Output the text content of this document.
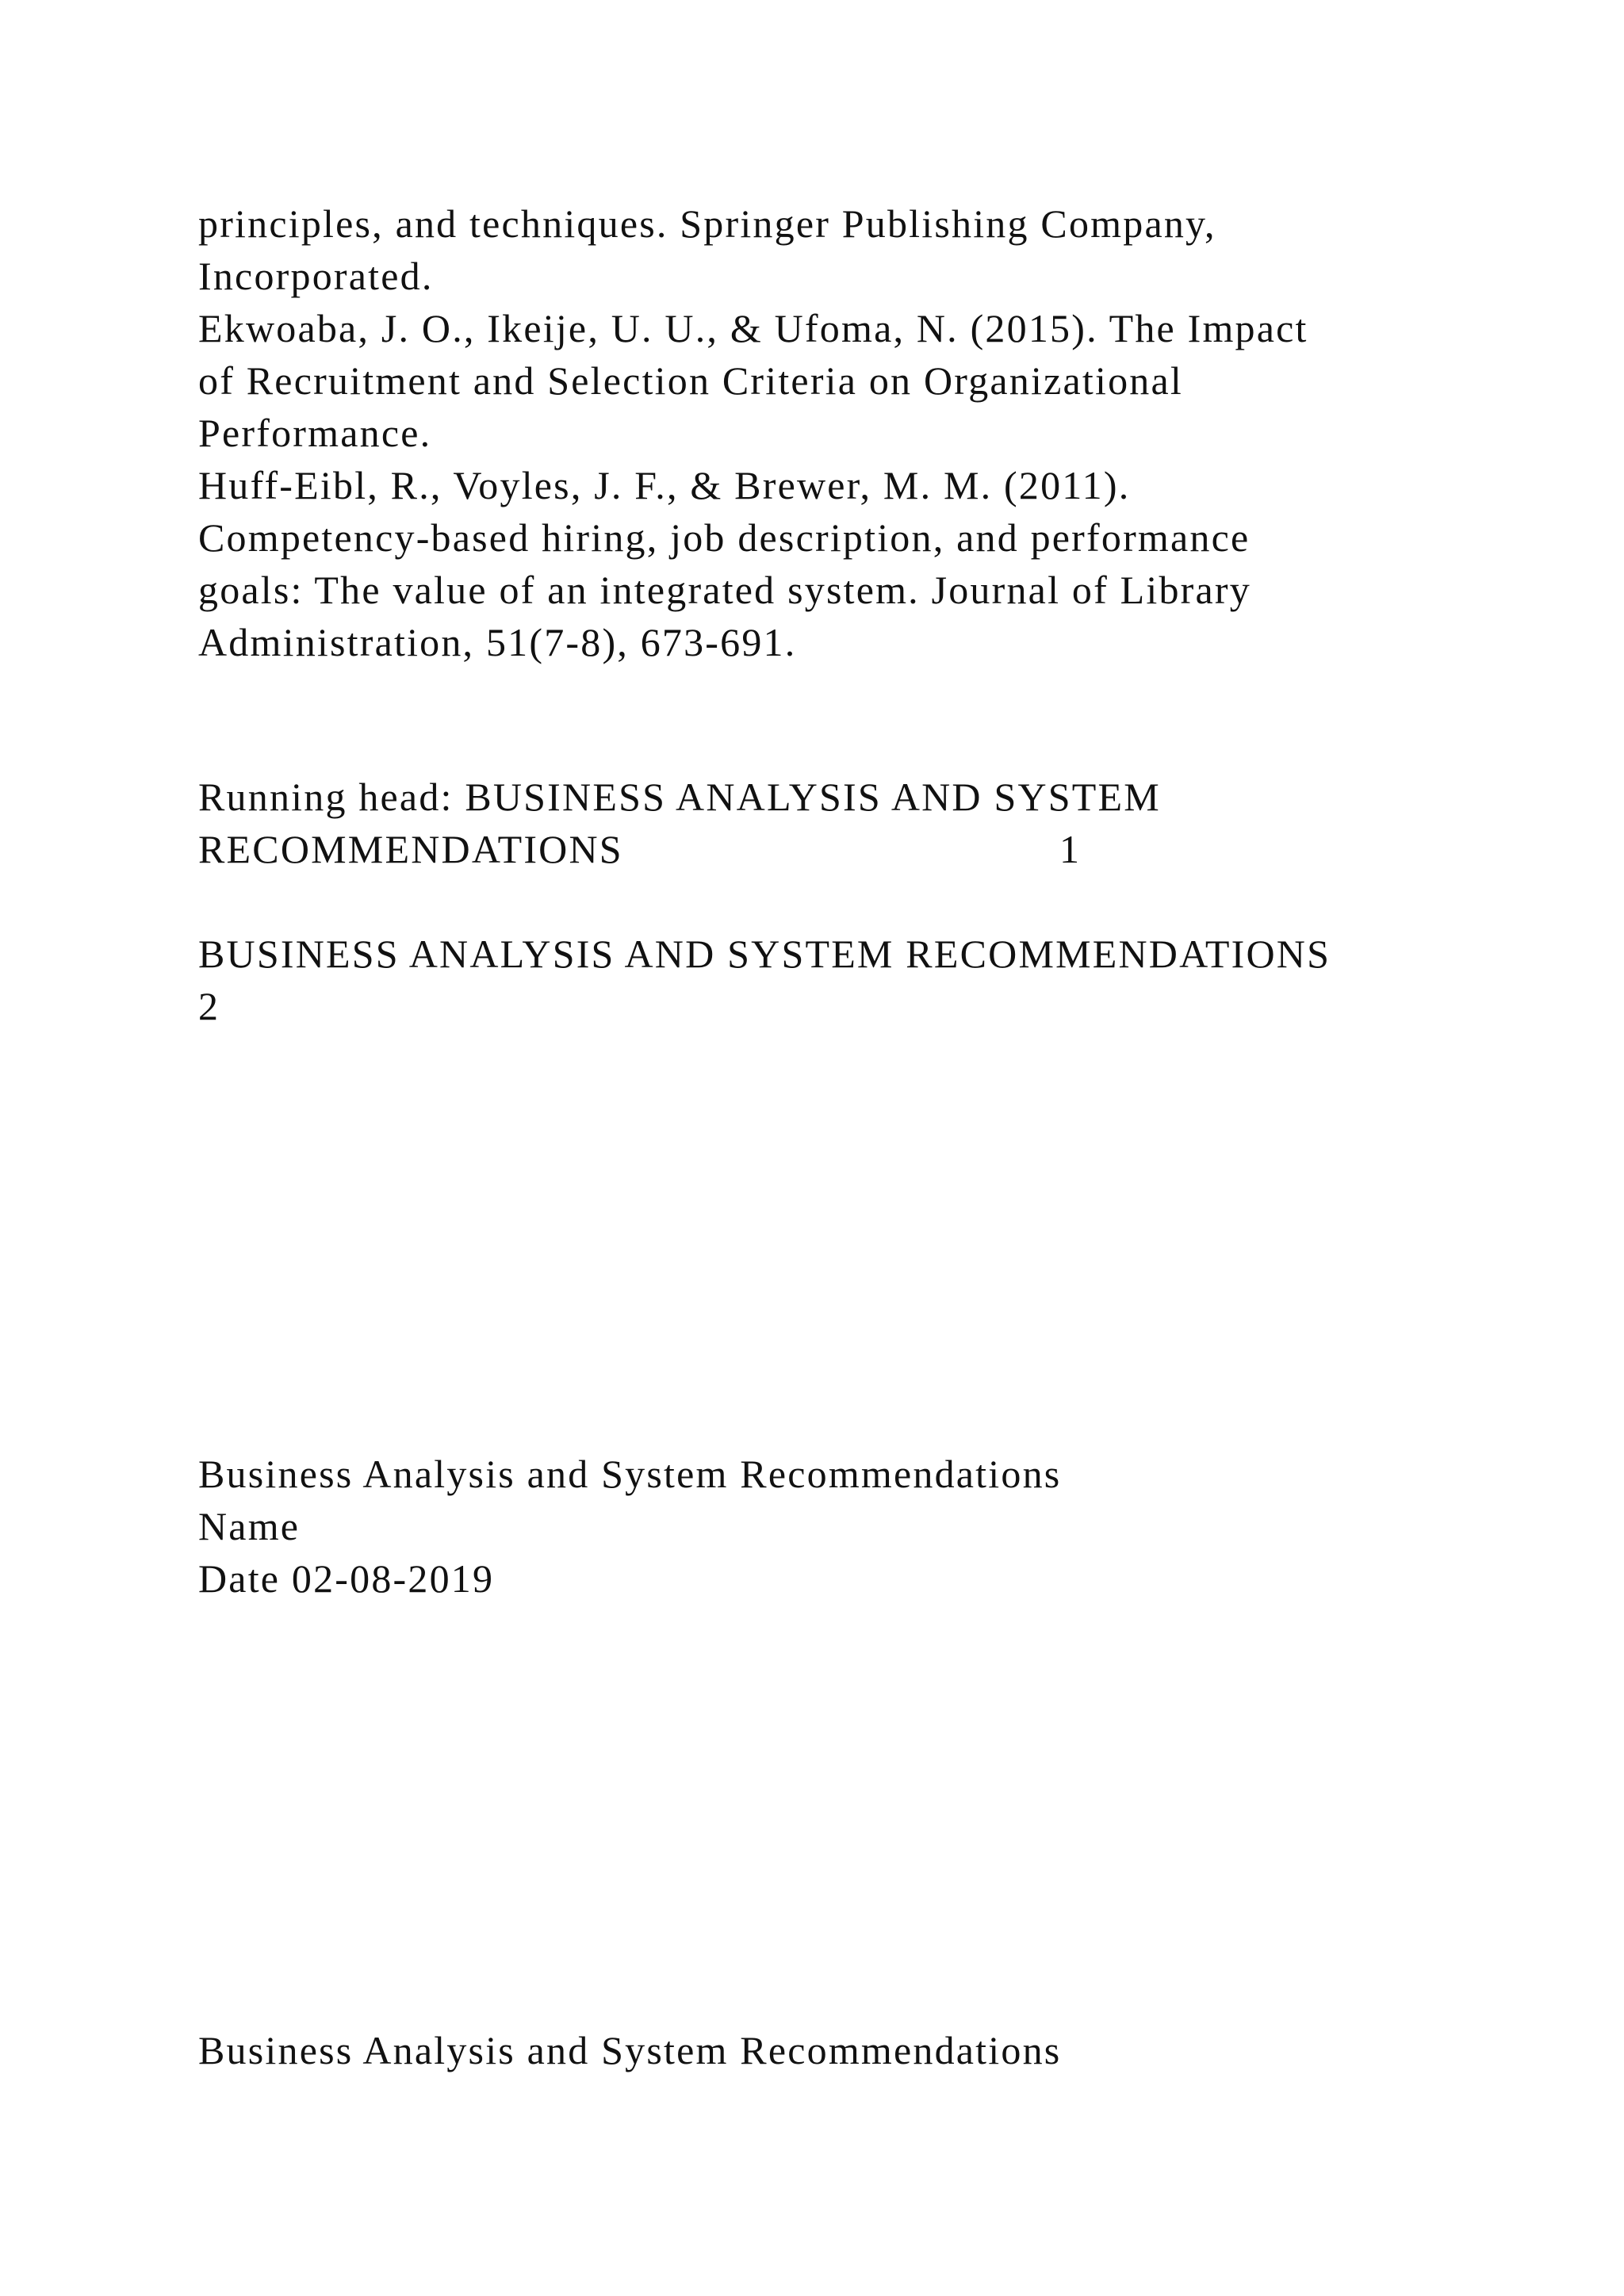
principles, and techniques. Springer Publishing Company,
Incorporated.
Ekwoaba, J. O., Ikeije, U. U., & Ufoma, N. (2015). The Impact
of Recruitment and Selection Criteria on Organizational
Performance.
Huff-Eibl, R., Voyles, J. F., & Brewer, M. M. (2011).
Competency-based hiring, job description, and performance
goals: The value of an integrated system. Journal of Library
Administration, 51(7-8), 673-691.
Running head: BUSINESS ANALYSIS AND SYSTEM
RECOMMENDATIONS	1
BUSINESS ANALYSIS AND SYSTEM RECOMMENDATIONS
2
Business Analysis and System Recommendations
Name
Date 02-08-2019
Business Analysis and System Recommendations
